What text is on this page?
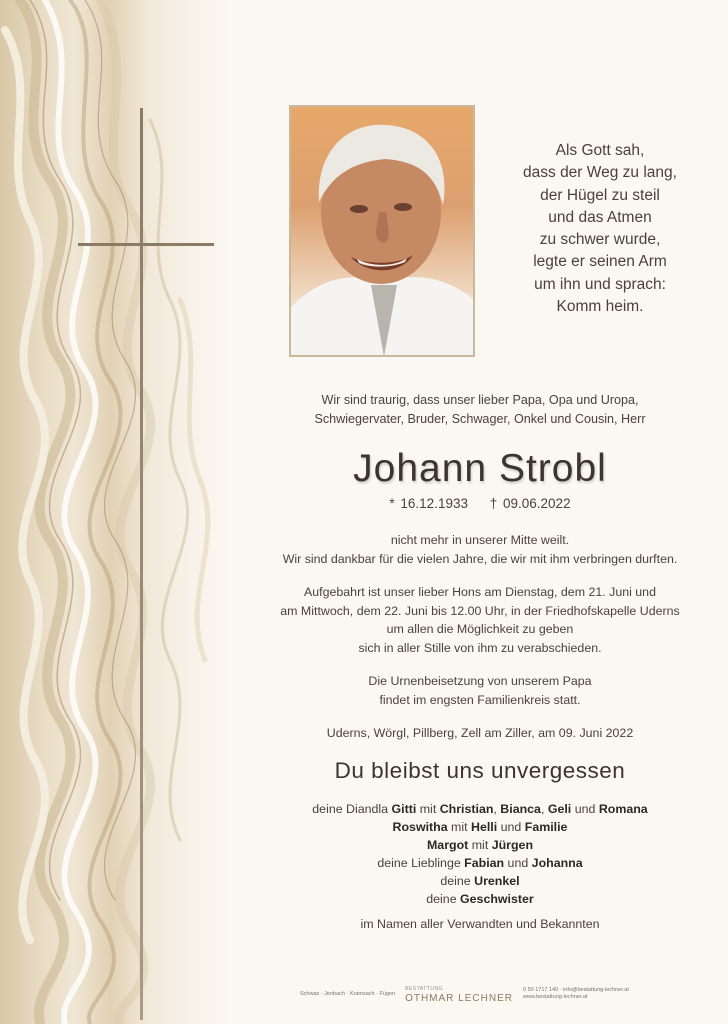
Als Gott sah,
dass der Weg zu lang,
der Hügel zu steil
und das Atmen
zu schwer wurde,
legte er seinen Arm
um ihn und sprach:
Komm heim.
Wir sind traurig, dass unser lieber Papa, Opa und Uropa,
Schwiegervater, Bruder, Schwager, Onkel und Cousin, Herr
Johann Strobl
* 16.12.1933 † 09.06.2022
nicht mehr in unserer Mitte weilt.
Wir sind dankbar für die vielen Jahre, die wir mit ihm verbringen durften.
Aufgebahrt ist unser lieber Hons am Dienstag, dem 21. Juni und
am Mittwoch, dem 22. Juni bis 12.00 Uhr, in der Friedhofskapelle Uderns
um allen die Möglichkeit zu geben
sich in aller Stille von ihm zu verabschieden.
Die Urnenbeisetzung von unserem Papa
findet im engsten Familienkreis statt.
Uderns, Wörgl, Pillberg, Zell am Ziller, am 09. Juni 2022
Du bleibst uns unvergessen
deine Diandla Gitti mit Christian, Bianca, Geli und Romana
Roswitha mit Helli und Familie
Margot mit Jürgen
deine Lieblinge Fabian und Johanna
deine Urenkel
deine Geschwister
im Namen aller Verwandten und Bekannten
Schwaz · Jenbach · Kramsach · Fügen
BESTATTUNG
OTHMAR LECHNER
0 50 1717 140 · info@bestattung-lechner.at
www.bestattung-lechner.at
